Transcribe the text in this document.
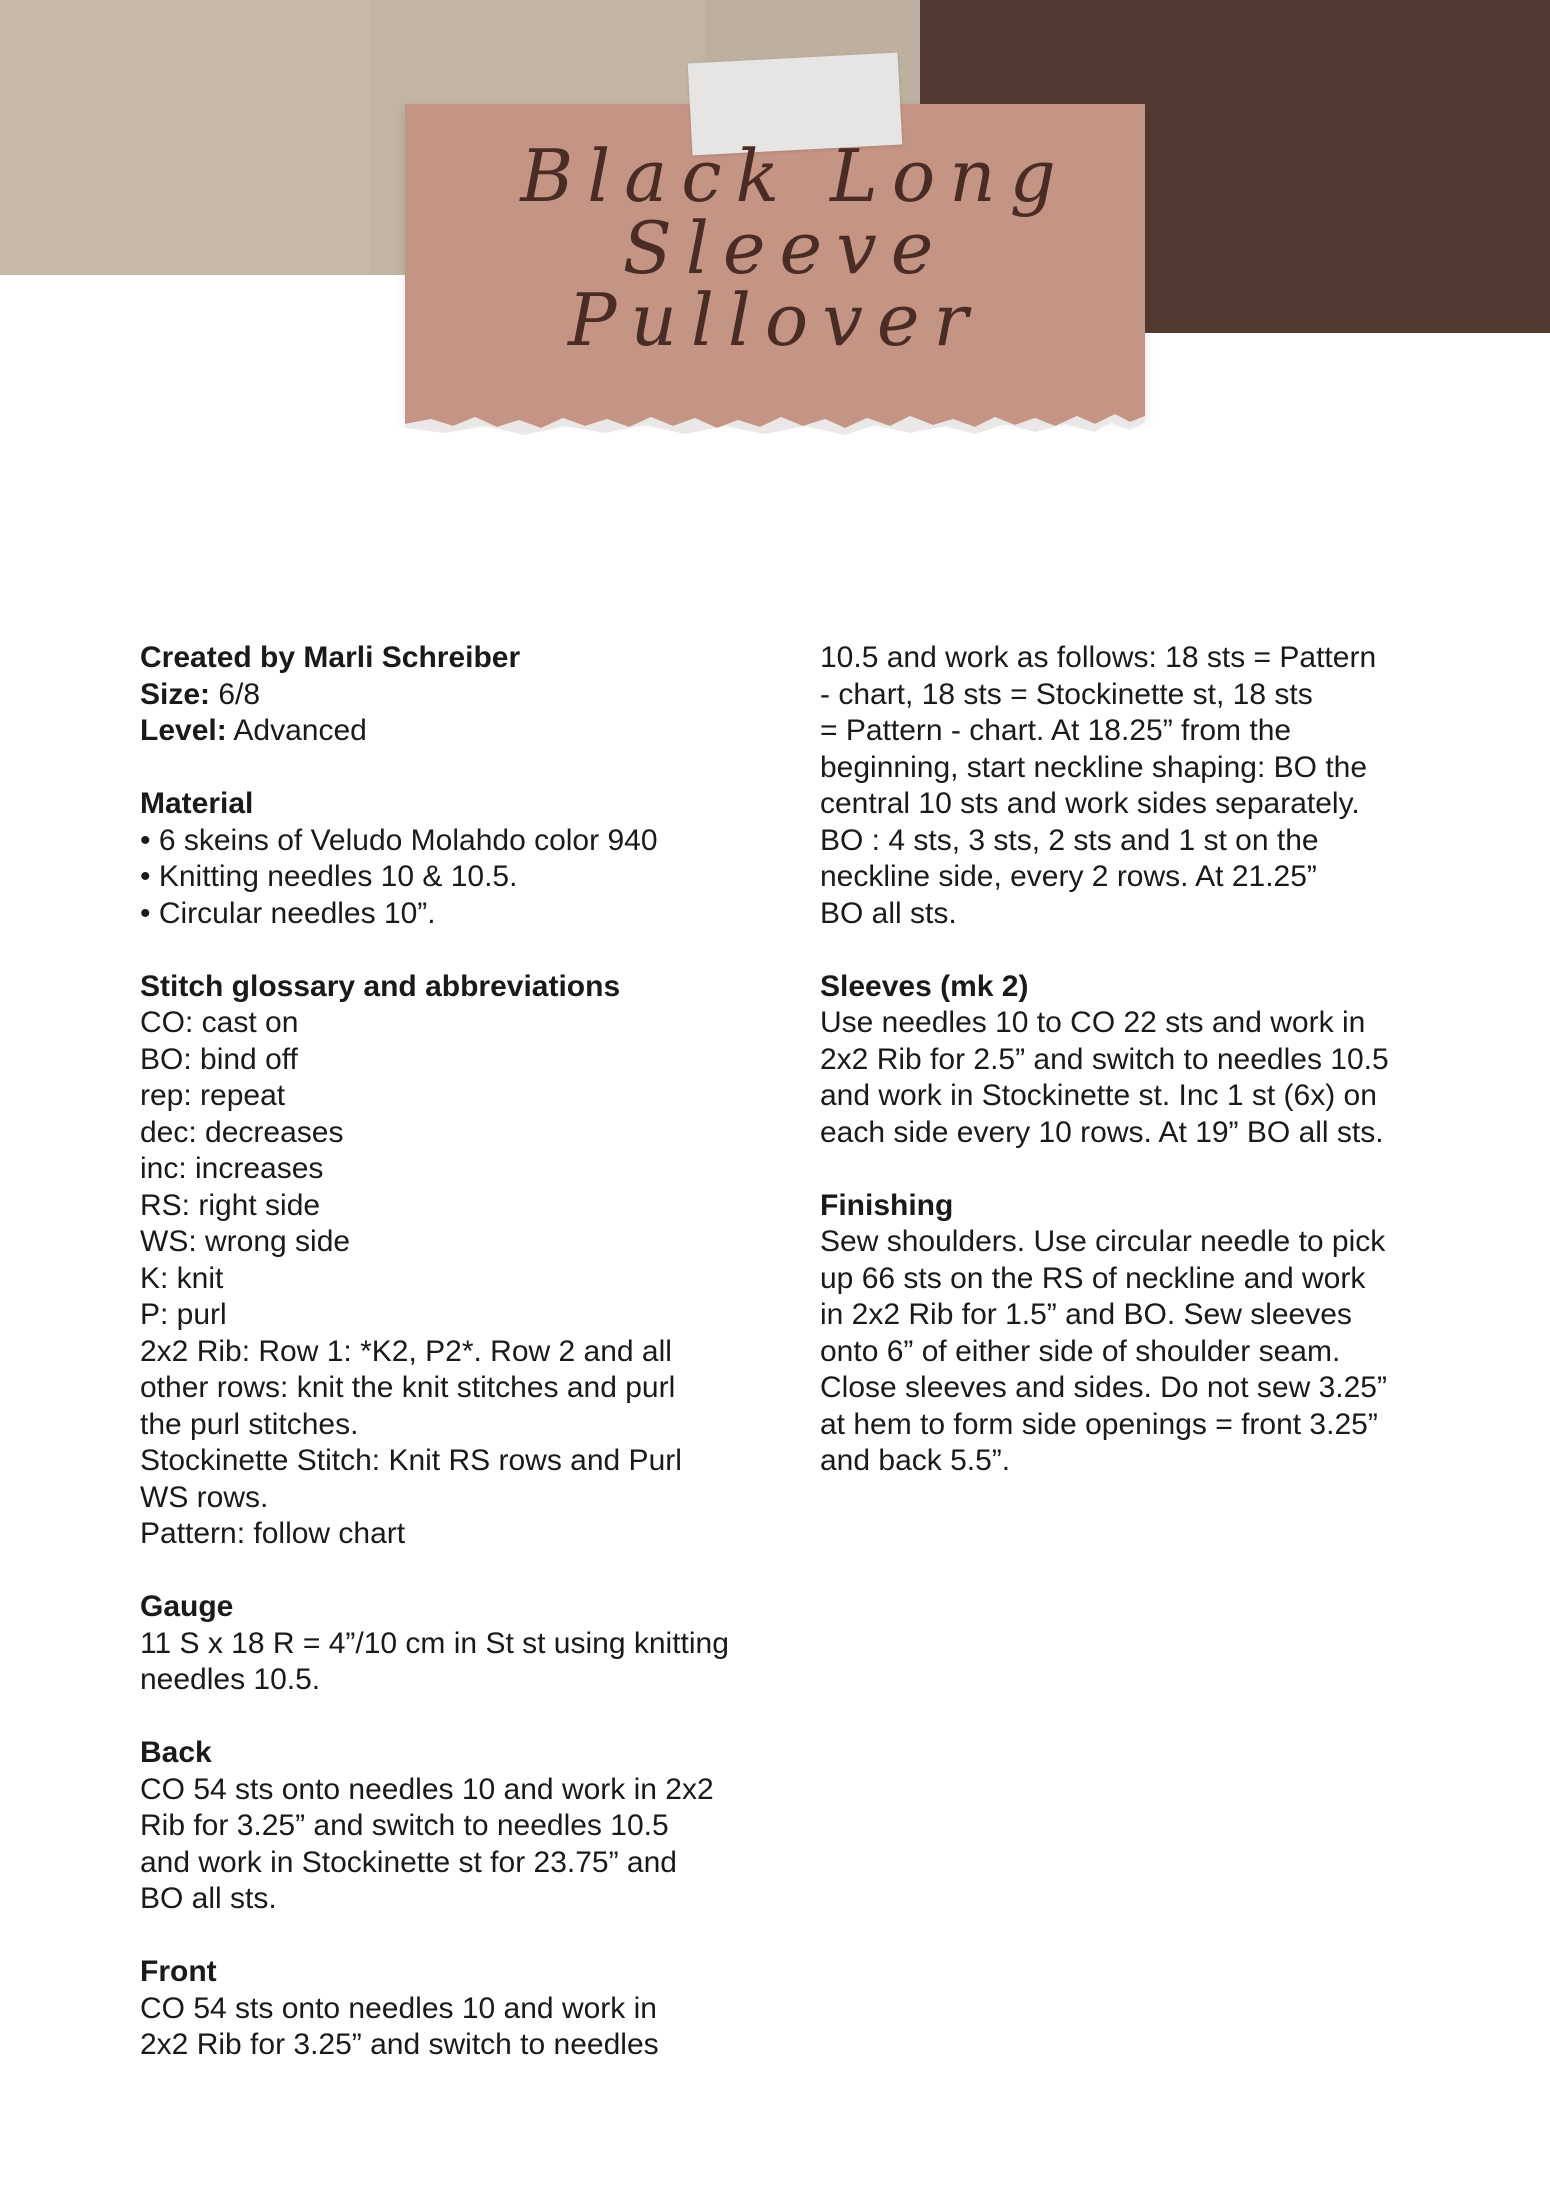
Black Long
Sleeve
Pullover
Created by Marli Schreiber
Size: 6/8
Level: Advanced
Material
• 6 skeins of Veludo Molahdo color 940
• Knitting needles 10 & 10.5.
• Circular needles 10”.
Stitch glossary and abbreviations
CO: cast on
BO: bind off
rep: repeat
dec: decreases
inc: increases
RS: right side
WS: wrong side
K: knit
P: purl
2x2 Rib: Row 1: *K2, P2*. Row 2 and all
other rows: knit the knit stitches and purl
the purl stitches.
Stockinette Stitch: Knit RS rows and Purl
WS rows.
Pattern: follow chart
Gauge
11 S x 18 R = 4”/10 cm in St st using knitting
needles 10.5.
Back
CO 54 sts onto needles 10 and work in 2x2
Rib for 3.25” and switch to needles 10.5
and work in Stockinette st for 23.75” and
BO all sts.
Front
CO 54 sts onto needles 10 and work in
2x2 Rib for 3.25” and switch to needles
10.5 and work as follows: 18 sts = Pattern
- chart, 18 sts = Stockinette st, 18 sts
= Pattern - chart. At 18.25” from the
beginning, start neckline shaping: BO the
central 10 sts and work sides separately.
BO : 4 sts, 3 sts, 2 sts and 1 st on the
neckline side, every 2 rows. At 21.25”
BO all sts.
Sleeves (mk 2)
Use needles 10 to CO 22 sts and work in
2x2 Rib for 2.5” and switch to needles 10.5
and work in Stockinette st. Inc 1 st (6x) on
each side every 10 rows. At 19” BO all sts.
Finishing
Sew shoulders. Use circular needle to pick
up 66 sts on the RS of neckline and work
in 2x2 Rib for 1.5” and BO. Sew sleeves
onto 6” of either side of shoulder seam.
Close sleeves and sides. Do not sew 3.25”
at hem to form side openings = front 3.25”
and back 5.5”.
